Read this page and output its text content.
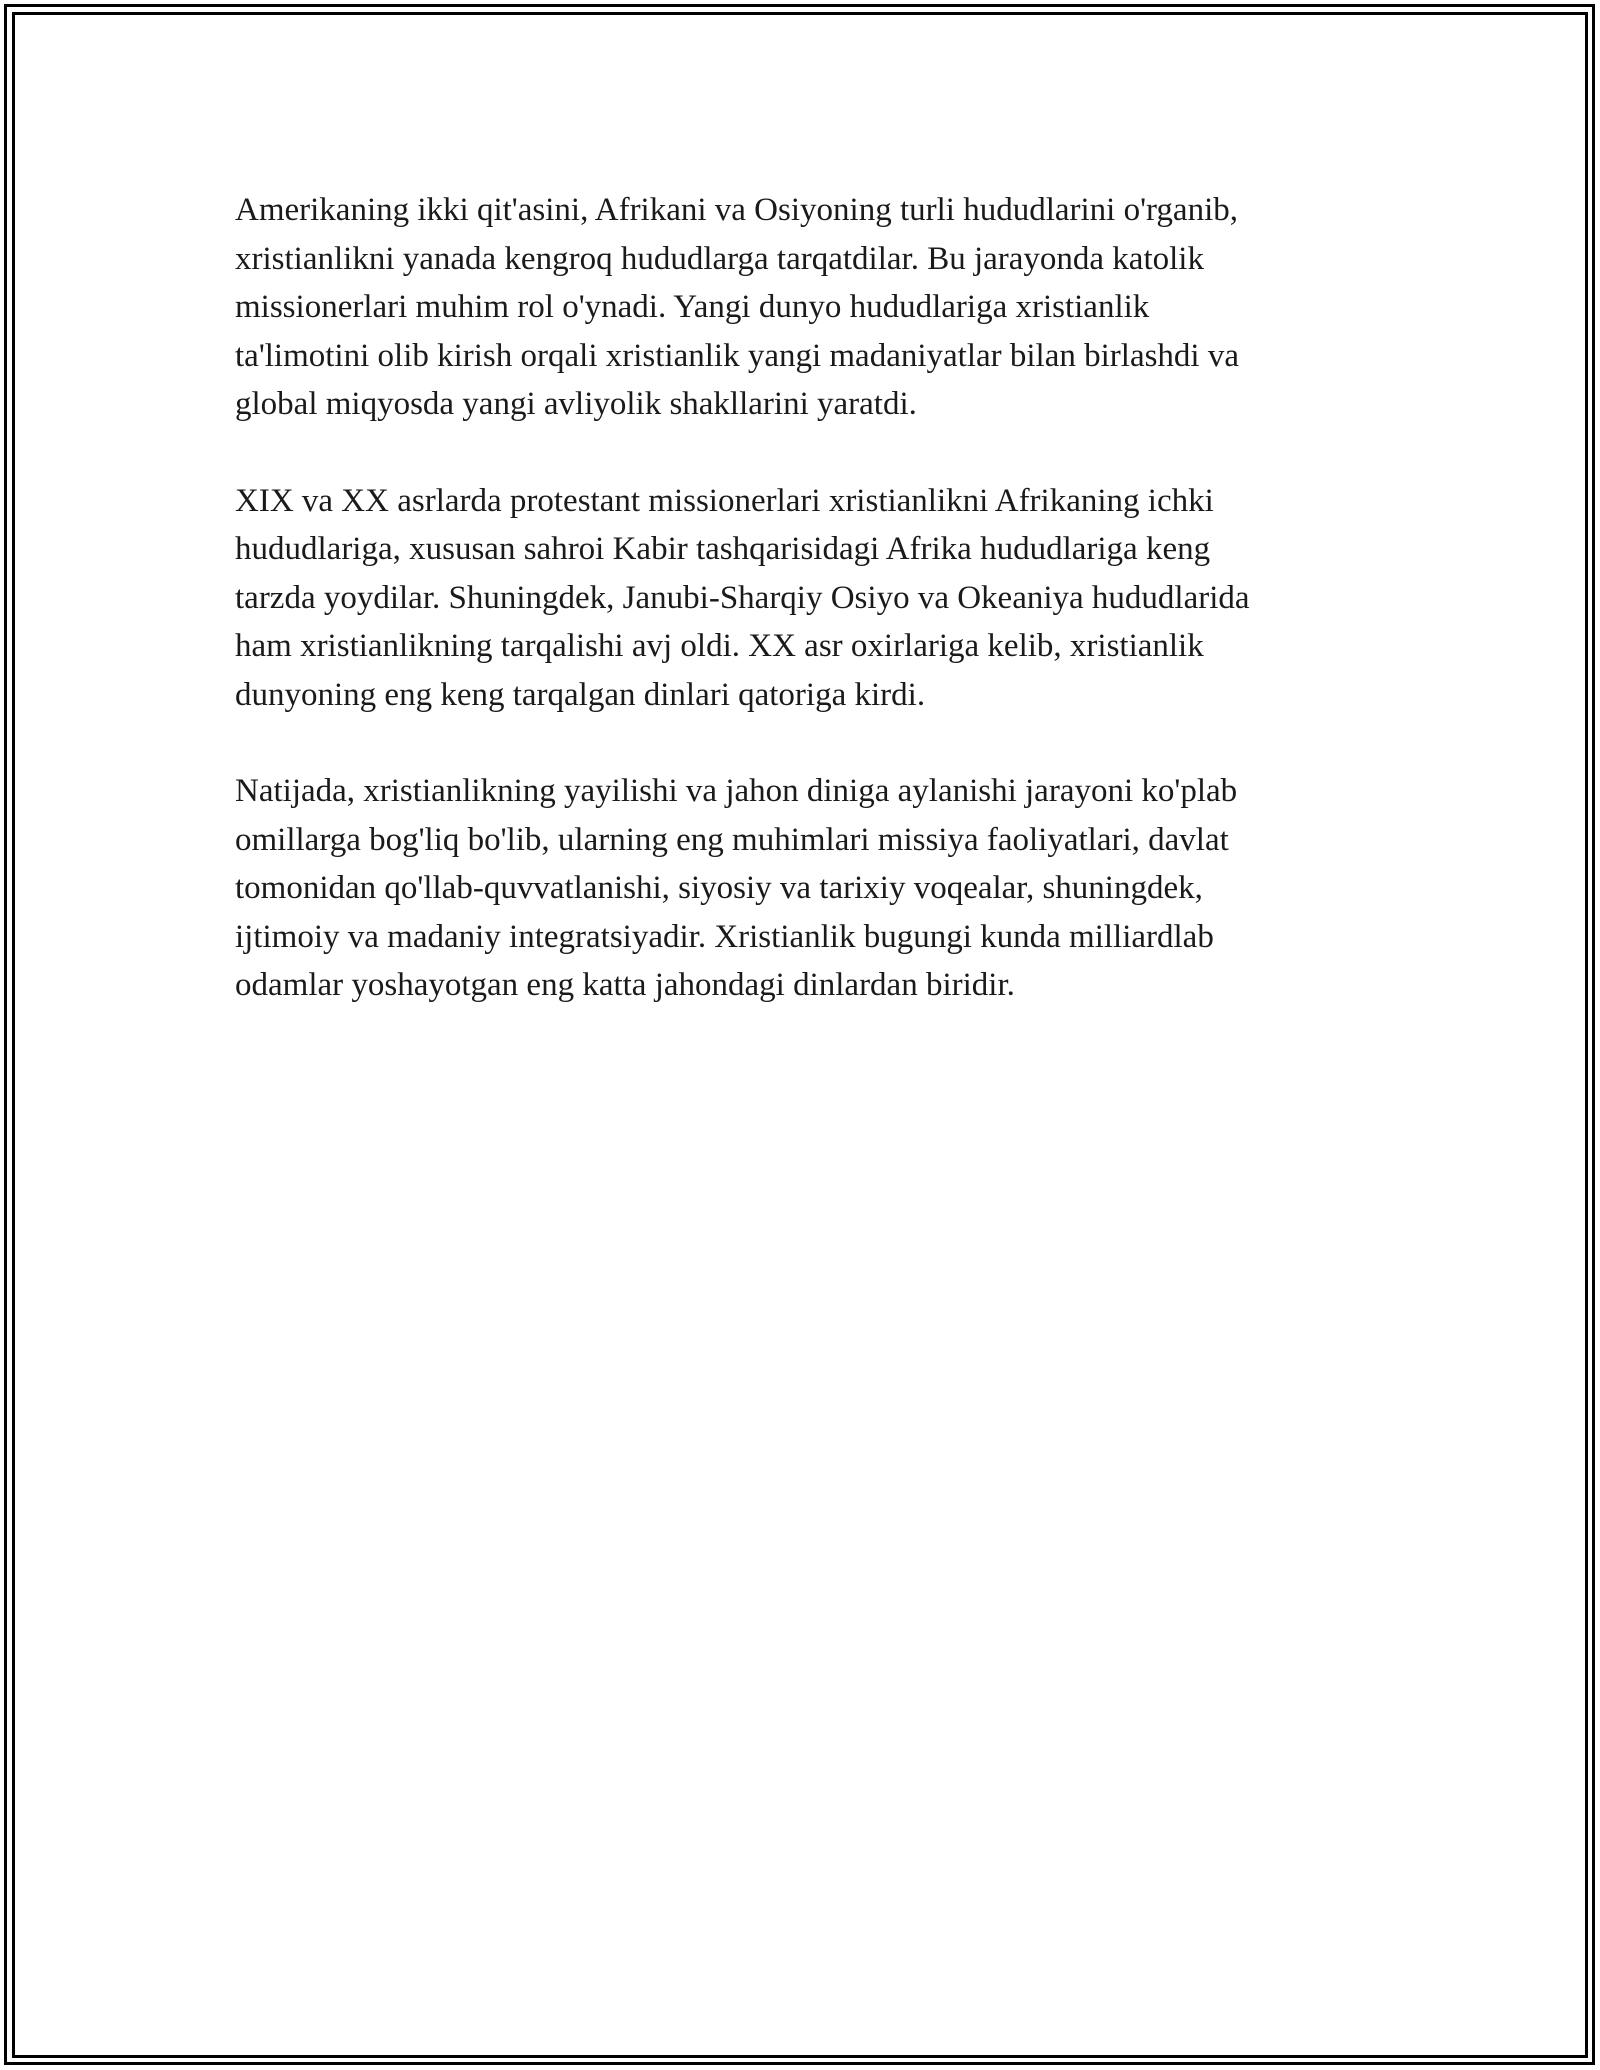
Amerikaning ikki qit'asini, Afrikani va Osiyoning turli hududlarini o'rganib,
xristianlikni yanada kengroq hududlarga tarqatdilar. Bu jarayonda katolik
missionerlari muhim rol o'ynadi. Yangi dunyo hududlariga xristianlik
ta'limotini olib kirish orqali xristianlik yangi madaniyatlar bilan birlashdi va
global miqyosda yangi avliyolik shakllarini yaratdi.

XIX va XX asrlarda protestant missionerlari xristianlikni Afrikaning ichki
hududlariga, xususan sahroi Kabir tashqarisidagi Afrika hududlariga keng
tarzda yoydilar. Shuningdek, Janubi-Sharqiy Osiyo va Okeaniya hududlarida
ham xristianlikning tarqalishi avj oldi. XX asr oxirlariga kelib, xristianlik
dunyoning eng keng tarqalgan dinlari qatoriga kirdi.

Natijada, xristianlikning yayilishi va jahon diniga aylanishi jarayoni ko'plab
omillarga bog'liq bo'lib, ularning eng muhimlari missiya faoliyatlari, davlat
tomonidan qo'llab-quvvatlanishi, siyosiy va tarixiy voqealar, shuningdek,
ijtimoiy va madaniy integratsiyadir. Xristianlik bugungi kunda milliardlab
odamlar yoshayotgan eng katta jahondagi dinlardan biridir.
